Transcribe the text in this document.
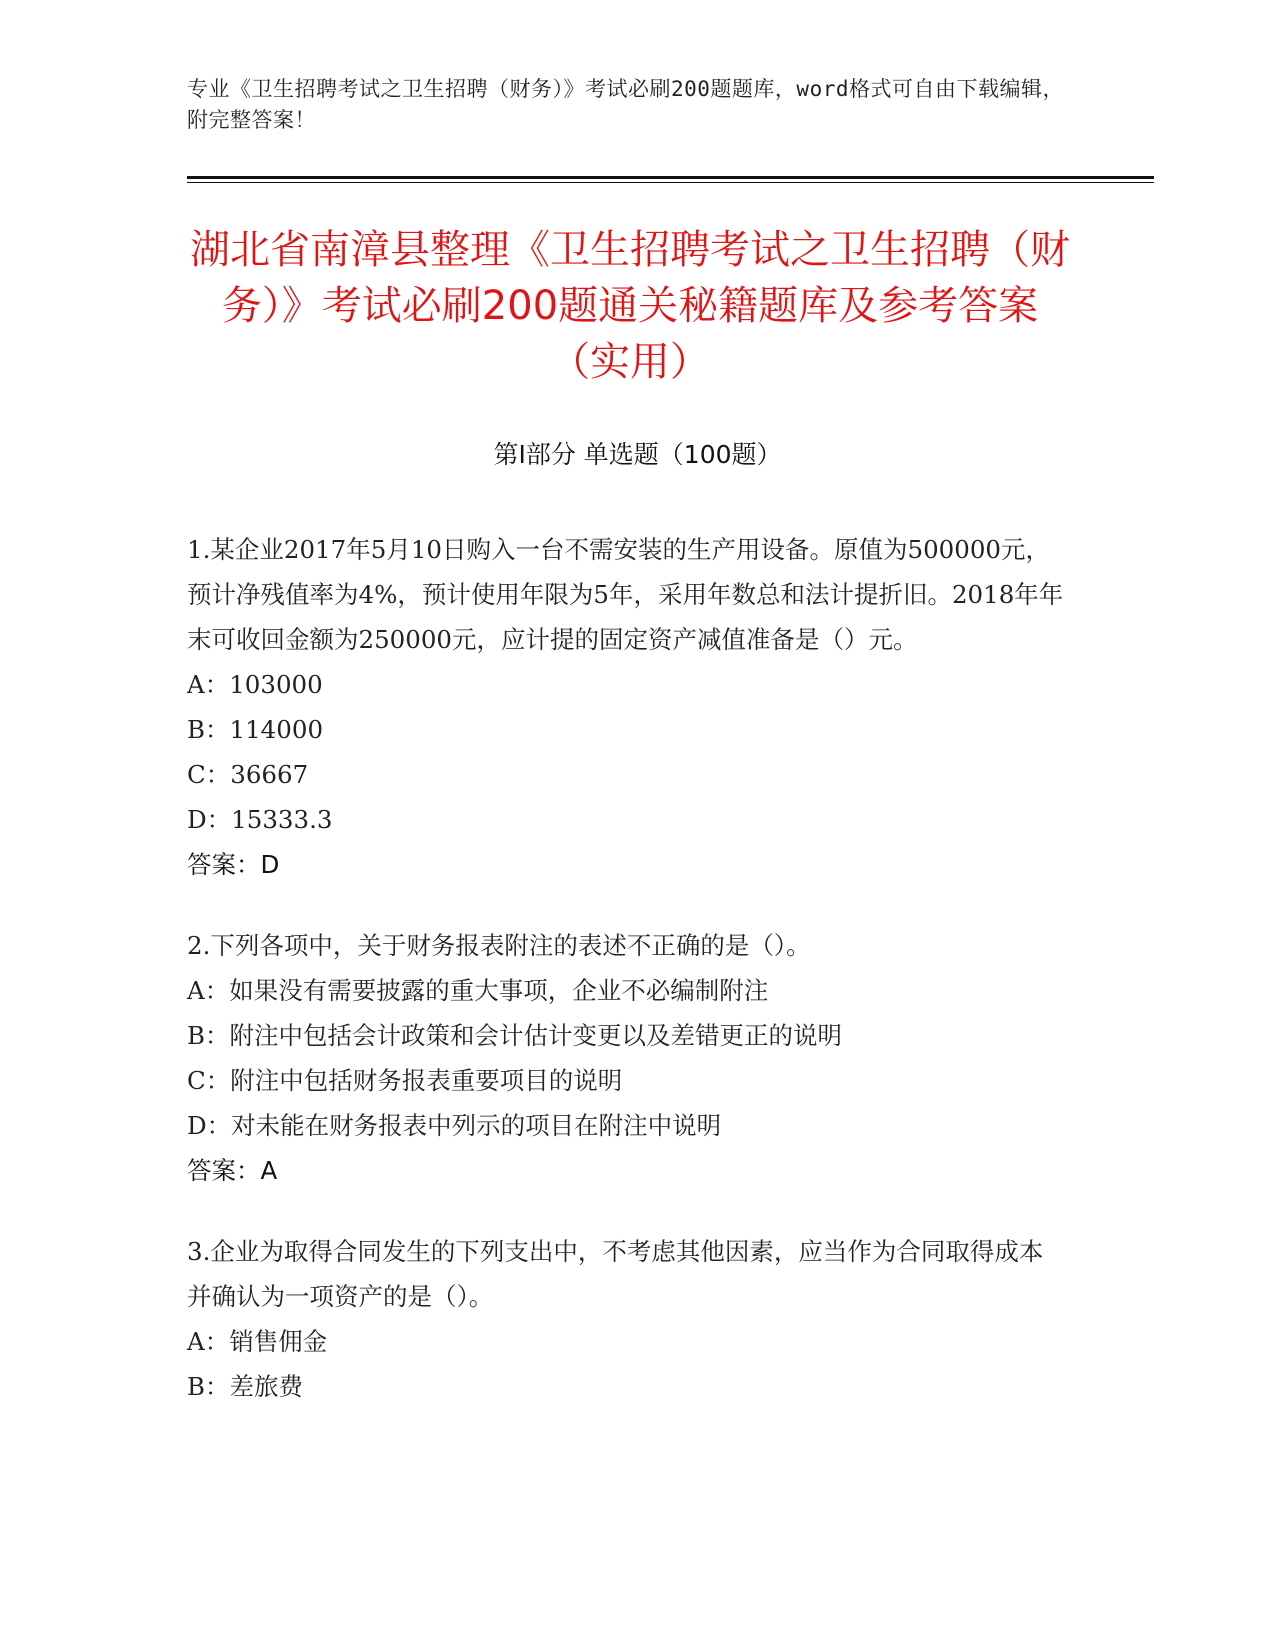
专业《卫生招聘考试之卫生招聘（财务）》考试必刷200题题库，word格式可自由下载编辑，附完整答案！
湖北省南漳县整理《卫生招聘考试之卫生招聘（财务）》考试必刷200题通关秘籍题库及参考答案（实用）
第I部分 单选题（100题）

1.某企业2017年5月10日购入一台不需安装的生产用设备。原值为500000元，预计净残值率为4%，预计使用年限为5年，采用年数总和法计提折旧。2018年年末可收回金额为250000元，应计提的固定资产减值准备是（）元。

A：103000

B：114000

C：36667

D：15333.3

答案：D

2.下列各项中，关于财务报表附注的表述不正确的是（）。

A：如果没有需要披露的重大事项，企业不必编制附注

B：附注中包括会计政策和会计估计变更以及差错更正的说明

C：附注中包括财务报表重要项目的说明

D：对未能在财务报表中列示的项目在附注中说明

答案：A

3.企业为取得合同发生的下列支出中，不考虑其他因素，应当作为合同取得成本并确认为一项资产的是（）。

A：销售佣金

B：差旅费
